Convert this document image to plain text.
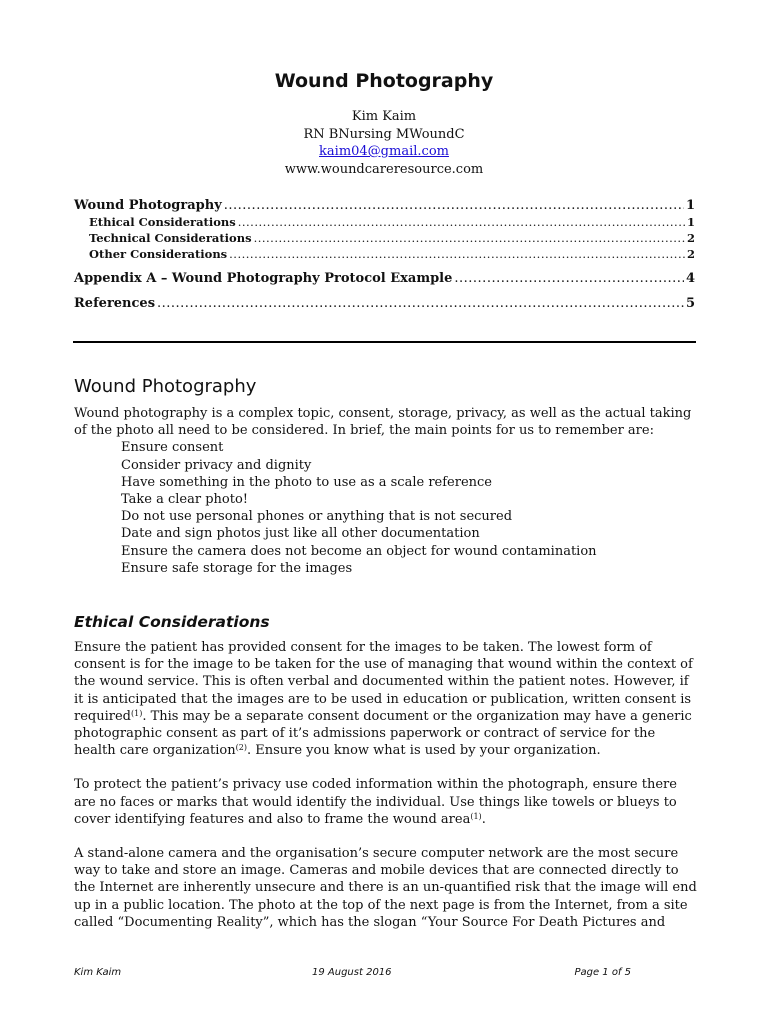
Wound Photography
Kim Kaim
RN BNursing MWoundC
kaim04@gmail.com
www.woundcareresource.com
Wound Photography .....	1
Ethical Considerations .....	1
Technical Considerations .....	2
Other Considerations .....	2
Appendix A – Wound Photography Protocol Example .....	4
References .....	5
Wound Photography

Wound photography is a complex topic, consent, storage, privacy, as well as the actual taking of the photo all need to be considered. In brief, the main points for us to remember are:

Ensure consent
Consider privacy and dignity
Have something in the photo to use as a scale reference
Take a clear photo!
Do not use personal phones or anything that is not secured
Date and sign photos just like all other documentation
Ensure the camera does not become an object for wound contamination
Ensure safe storage for the images
Ethical Considerations

Ensure the patient has provided consent for the images to be taken. The lowest form of consent is for the image to be taken for the use of managing that wound within the context of the wound service. This is often verbal and documented within the patient notes. However, if it is anticipated that the images are to be used in education or publication, written consent is required$^{(1)}$. This may be a separate consent document or the organization may have a generic photographic consent as part of it’s admissions paperwork or contract of service for the health care organization$^{(2)}$. Ensure you know what is used by your organization.

To protect the patient’s privacy use coded information within the photograph, ensure there are no faces or marks that would identify the individual. Use things like towels or blueys to cover identifying features and also to frame the wound area$^{(1)}$.

A stand-alone camera and the organisation’s secure computer network are the most secure way to take and store an image. Cameras and mobile devices that are connected directly to the Internet are inherently unsecure and there is an un-quantified risk that the image will end up in a public location. The photo at the top of the next page is from the Internet, from a site called “Documenting Reality”, which has the slogan “Your Source For Death Pictures and

Kim Kaim	19 August 2016	Page 1 of 5
